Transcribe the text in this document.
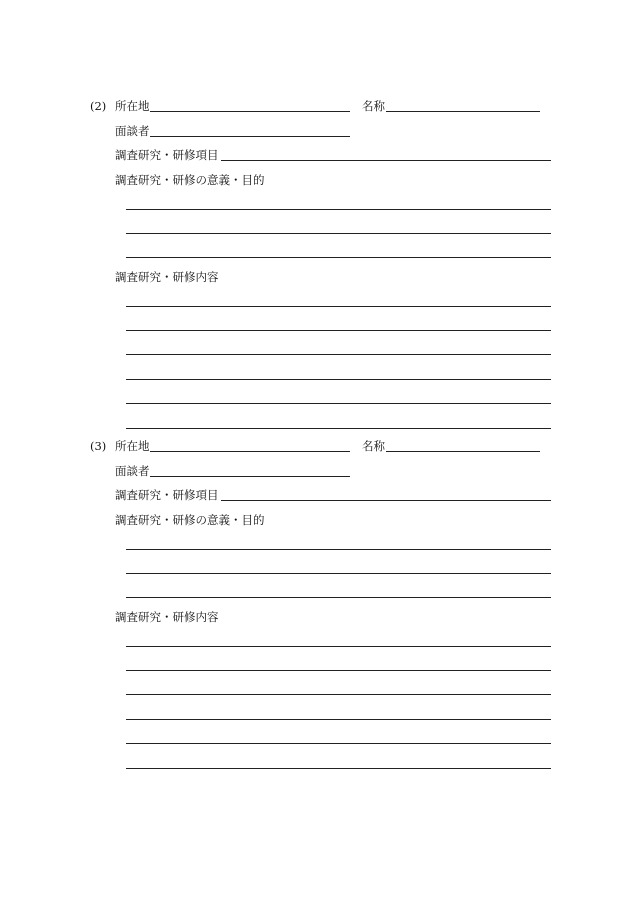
(2) 所在地	名称
面談者
調査研究・研修項目
調査研究・研修の意義・目的
調査研究・研修内容
(3) 所在地	名称
面談者
調査研究・研修項目
調査研究・研修の意義・目的
調査研究・研修内容
